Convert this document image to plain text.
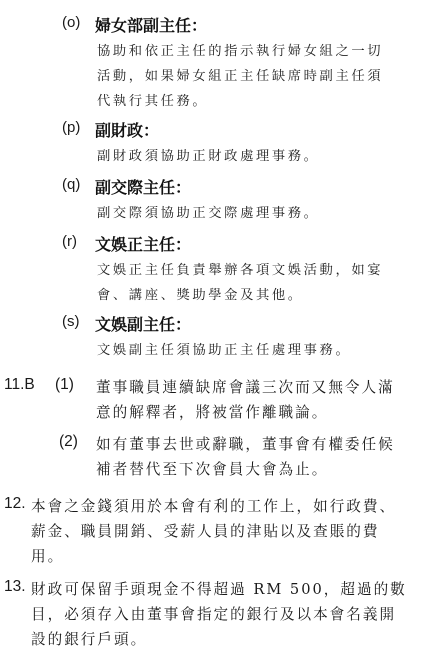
(o) 婦女部副主任：
協助和依正主任的指示執行婦女組之一切
活動，如果婦女組正主任缺席時副主任須
代執行其任務。
(p) 副財政：
副財政須協助正財政處理事務。
(q) 副交際主任：
副交際須協助正交際處理事務。
(r) 文娛正主任：
文娛正主任負責舉辦各項文娛活動，如宴
會、講座、獎助學金及其他。
(s) 文娛副主任：
文娛副主任須協助正主任處理事務。
11.B (1) 董事職員連續缺席會議三次而又無令人滿
意的解釋者，將被當作離職論。
(2) 如有董事去世或辭職，董事會有權委任候
補者替代至下次會員大會為止。
12. 本會之金錢須用於本會有利的工作上，如行政費、
薪金、職員開銷、受薪人員的津貼以及查賬的費
用。
13. 財政可保留手頭現金不得超過 RM 500，超過的數
目，必須存入由董事會指定的銀行及以本會名義開
設的銀行戶頭。
